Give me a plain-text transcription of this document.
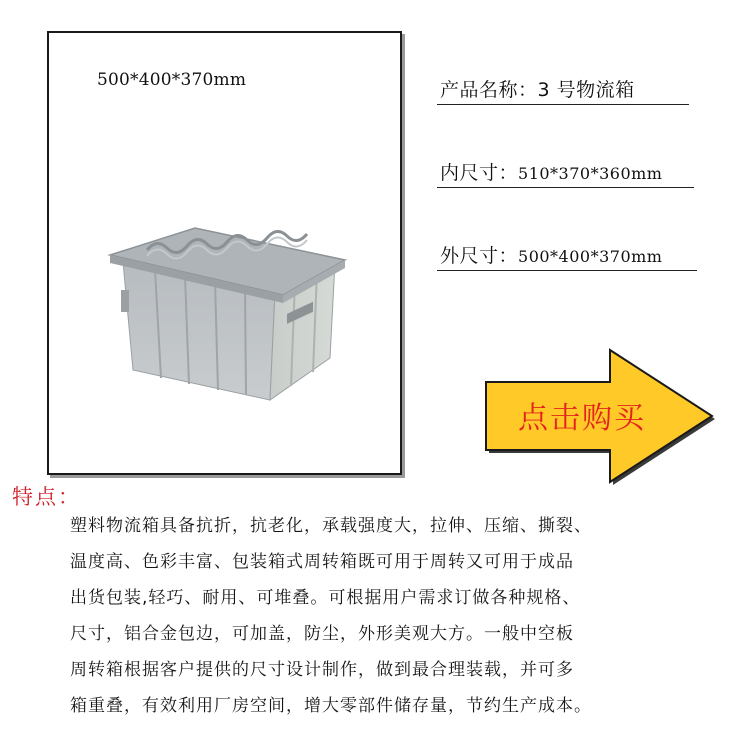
500*400*370mm	产品名称：3 号物流箱
内尺寸：510*370*360mm
外尺寸：500*400*370mm
点击购买
特点：
塑料物流箱具备抗折，抗老化，承载强度大，拉伸、压缩、撕裂、
温度高、色彩丰富、包装箱式周转箱既可用于周转又可用于成品
出货包装,轻巧、耐用、可堆叠。可根据用户需求订做各种规格、
尺寸，铝合金包边，可加盖，防尘，外形美观大方。一般中空板
周转箱根据客户提供的尺寸设计制作，做到最合理装载，并可多
箱重叠，有效利用厂房空间，增大零部件储存量，节约生产成本。
